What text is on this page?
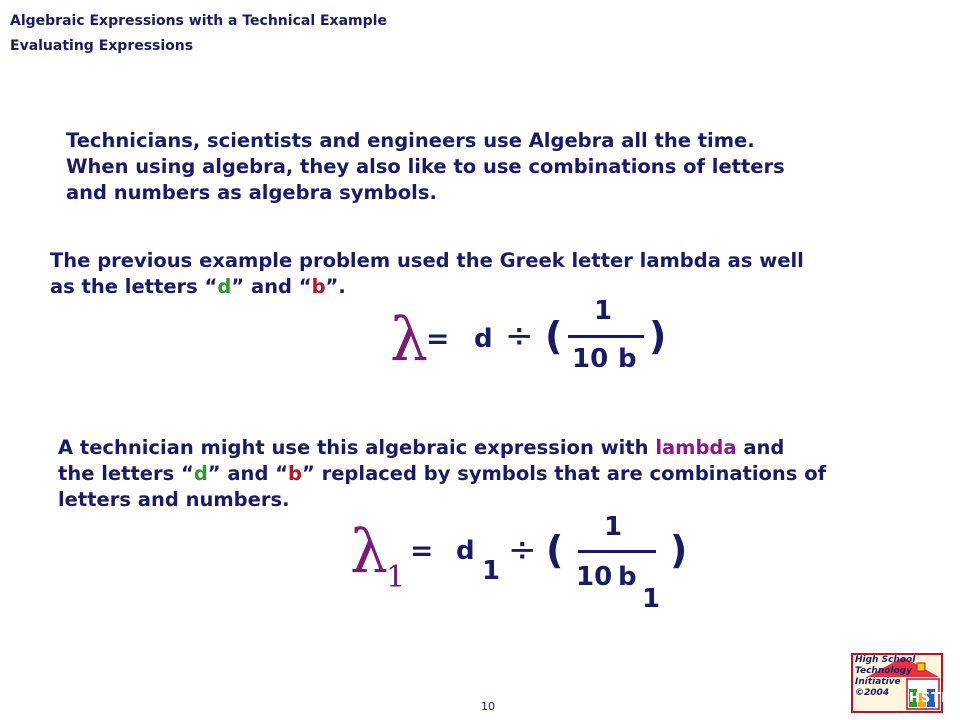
Algebraic Expressions with a Technical Example
Evaluating Expressions

Technicians, scientists and engineers use Algebra all the time.

When using algebra, they also like to use combinations of letters

and numbers as algebra symbols.

The previous example problem used the Greek letter lambda as well

as the letters “d” and “b”.

λ
= d ÷ (
1
10 b
)

A technician might use this algebraic expression with lambda and

the letters “d” and “b” replaced by symbols that are combinations of

letters and numbers.

λ
1
= d
1
÷ (
1
10 b
1
)
10
High School
Technology
Initiative
©2004	HSTI
